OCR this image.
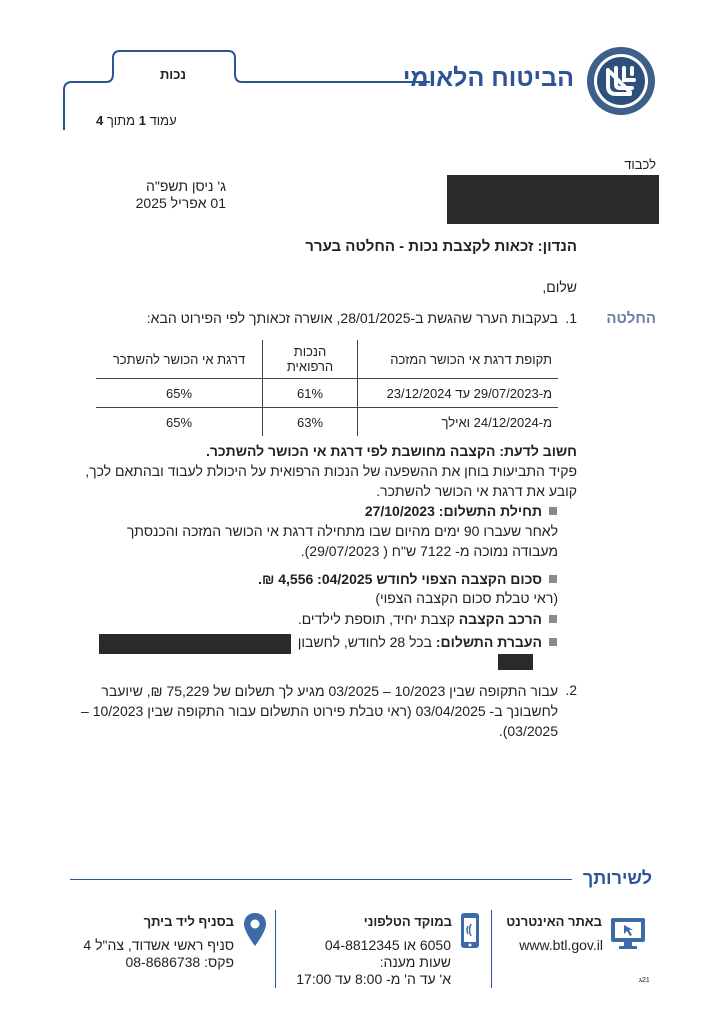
הביטוח הלאומי
נכות
עמוד 1 מתוך 4
לכבוד
ג' ניסן תשפ"ה
01 אפריל 2025
הנדון: זכאות לקצבת נכות - החלטה בערר
שלום,
החלטה
1.
בעקבות הערר שהגשת ב-28/01/2025, אושרה זכאותך לפי הפירוט הבא:
תקופת דרגת אי הכושר המזכה	הנכות הרפואית	דרגת אי הכושר להשתכר
מ-29/07/2023 עד 23/12/2024	61%	65%
מ-24/12/2024 ואילך	63%	65%
חשוב לדעת: הקצבה מחושבת לפי דרגת אי הכושר להשתכר.
פקיד התביעות בוחן את ההשפעה של הנכות הרפואית על היכולת לעבוד ובהתאם לכך,
קובע את דרגת אי הכושר להשתכר.
תחילת התשלום: 27/10/2023
לאחר שעברו 90 ימים מהיום שבו מתחילה דרגת אי הכושר המזכה והכנסתך
מעבודה נמוכה מ- 7122 ש"ח ( 29/07/2023).
סכום הקצבה הצפוי לחודש 04/2025: 4,556 ₪.
(ראי טבלת סכום הקצבה הצפוי)
הרכב הקצבה קצבת יחיד, תוספת לילדים.
העברת התשלום: בכל 28 לחודש, לחשבון
2.
עבור התקופה שבין 10/2023 – 03/2025 מגיע לך תשלום של 75,229 ₪, שיועבר
לחשבונך ב- 03/04/2025 (ראי טבלת פירוט התשלום עבור התקופה שבין 10/2023 –
03/2025).
לשירותך
באתר האינטרנט
www.btl.gov.il
21ג
במוקד הטלפוני
6050 או 04-8812345
שעות מענה:
א' עד ה' מ- 8:00 עד 17:00
בסניף ליד ביתך
סניף ראשי אשדוד, צה"ל 4
פקס: 08-8686738
